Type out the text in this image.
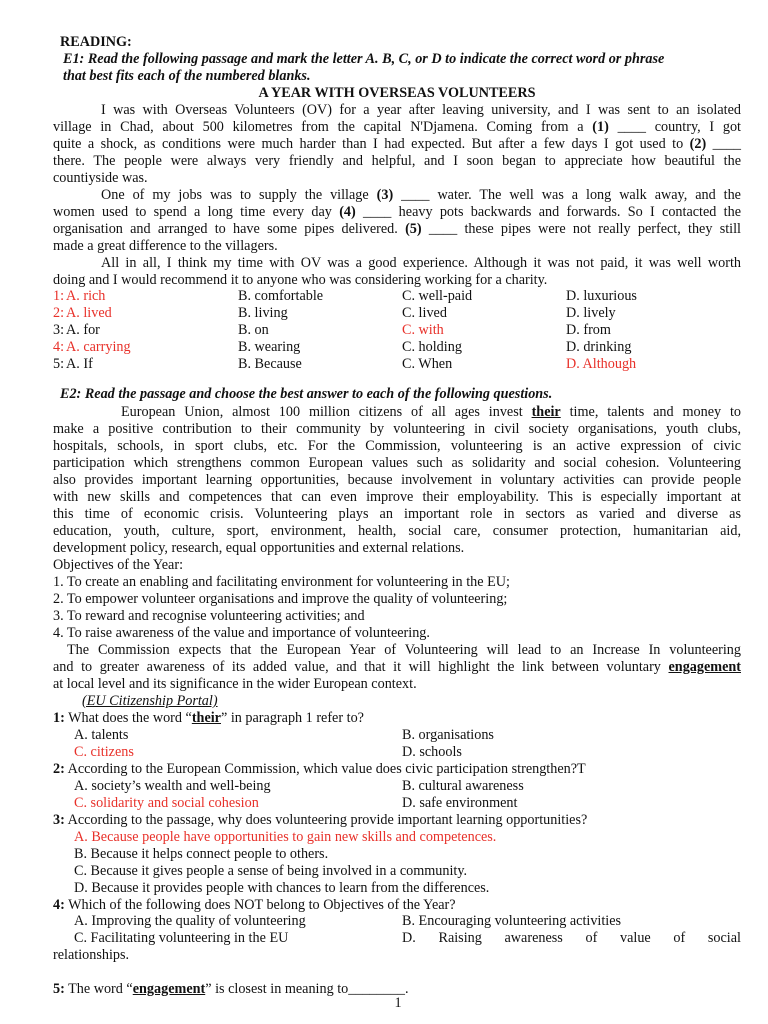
READING:
E1: Read the following passage and mark the letter A. B, C, or D to indicate the correct word or phrase
that best fits each of the numbered blanks.
A YEAR WITH OVERSEAS VOLUNTEERS
I was with Overseas Volunteers (OV) for a year after leaving university, and I was sent to an isolated
village in Chad, about 500 kilometres from the capital N'Djamena. Coming from a (1) ____ country, I got
quite a shock, as conditions were much harder than I had expected. But after a few days I got used to (2) ____
there. The people were always very friendly and helpful, and I soon began to appreciate how beautiful the
countiyside was.
One of my jobs was to supply the village (3) ____ water. The well was a long walk away, and the
women used to spend a long time every day (4) ____ heavy pots backwards and forwards. So I contacted the
organisation and arranged to have some pipes delivered. (5) ____ these pipes were not really perfect, they still
made a great difference to the villagers.
All in all, I think my time with OV was a good experience. Although it was not paid, it was well worth
doing and I would recommend it to anyone who was considering working for a charity.
1: A. rich	B. comfortable	C. well-paid	D. luxurious
2: A. lived	B. living	C. lived	D. lively
3: A. for	B. on	C. with	D. from
4: A. carrying	B. wearing	C. holding	D. drinking
5: A. If	B. Because	C. When	D. Although
E2: Read the passage and choose the best answer to each of the following questions.
European Union, almost 100 million citizens of all ages invest their time, talents and money to
make a positive contribution to their community by volunteering in civil society organisations, youth clubs,
hospitals, schools, in sport clubs, etc. For the Commission, volunteering is an active expression of civic
participation which strengthens common European values such as solidarity and social cohesion. Volunteering
also provides important learning opportunities, because involvement in voluntary activities can provide people
with new skills and competences that can even improve their employability. This is especially important at
this time of economic crisis. Volunteering plays an important role in sectors as varied and diverse as
education, youth, culture, sport, environment, health, social care, consumer protection, humanitarian aid,
development policy, research, equal opportunities and external relations.
Objectives of the Year:
1. To create an enabling and facilitating environment for volunteering in the EU;
2. To empower volunteer organisations and improve the quality of volunteering;
3. To reward and recognise volunteering activities; and
4. To raise awareness of the value and importance of volunteering.
The Commission expects that the European Year of Volunteering will lead to an Increase In volunteering
and to greater awareness of its added value, and that it will highlight the link between voluntary engagement
at local level and its significance in the wider European context.
(EU Citizenship Portal)
1: What does the word “their” in paragraph 1 refer to?
A. talents	B. organisations
C. citizens	D. schools
2: According to the European Commission, which value does civic participation strengthen?T
A. society’s wealth and well-being	B. cultural awareness
C. solidarity and social cohesion	D. safe environment
3: According to the passage, why does volunteering provide important learning opportunities?
A. Because people have opportunities to gain new skills and competences.
B. Because it helps connect people to others.
C. Because it gives people a sense of being involved in a community.
D. Because it provides people with chances to learn from the differences.
4: Which of the following does NOT belong to Objectives of the Year?
A. Improving the quality of volunteering	B. Encouraging volunteering activities
C. Facilitating volunteering in the EU	D. Raising awareness of value of social
relationships.
5: The word “engagement” is closest in meaning to________.
1
